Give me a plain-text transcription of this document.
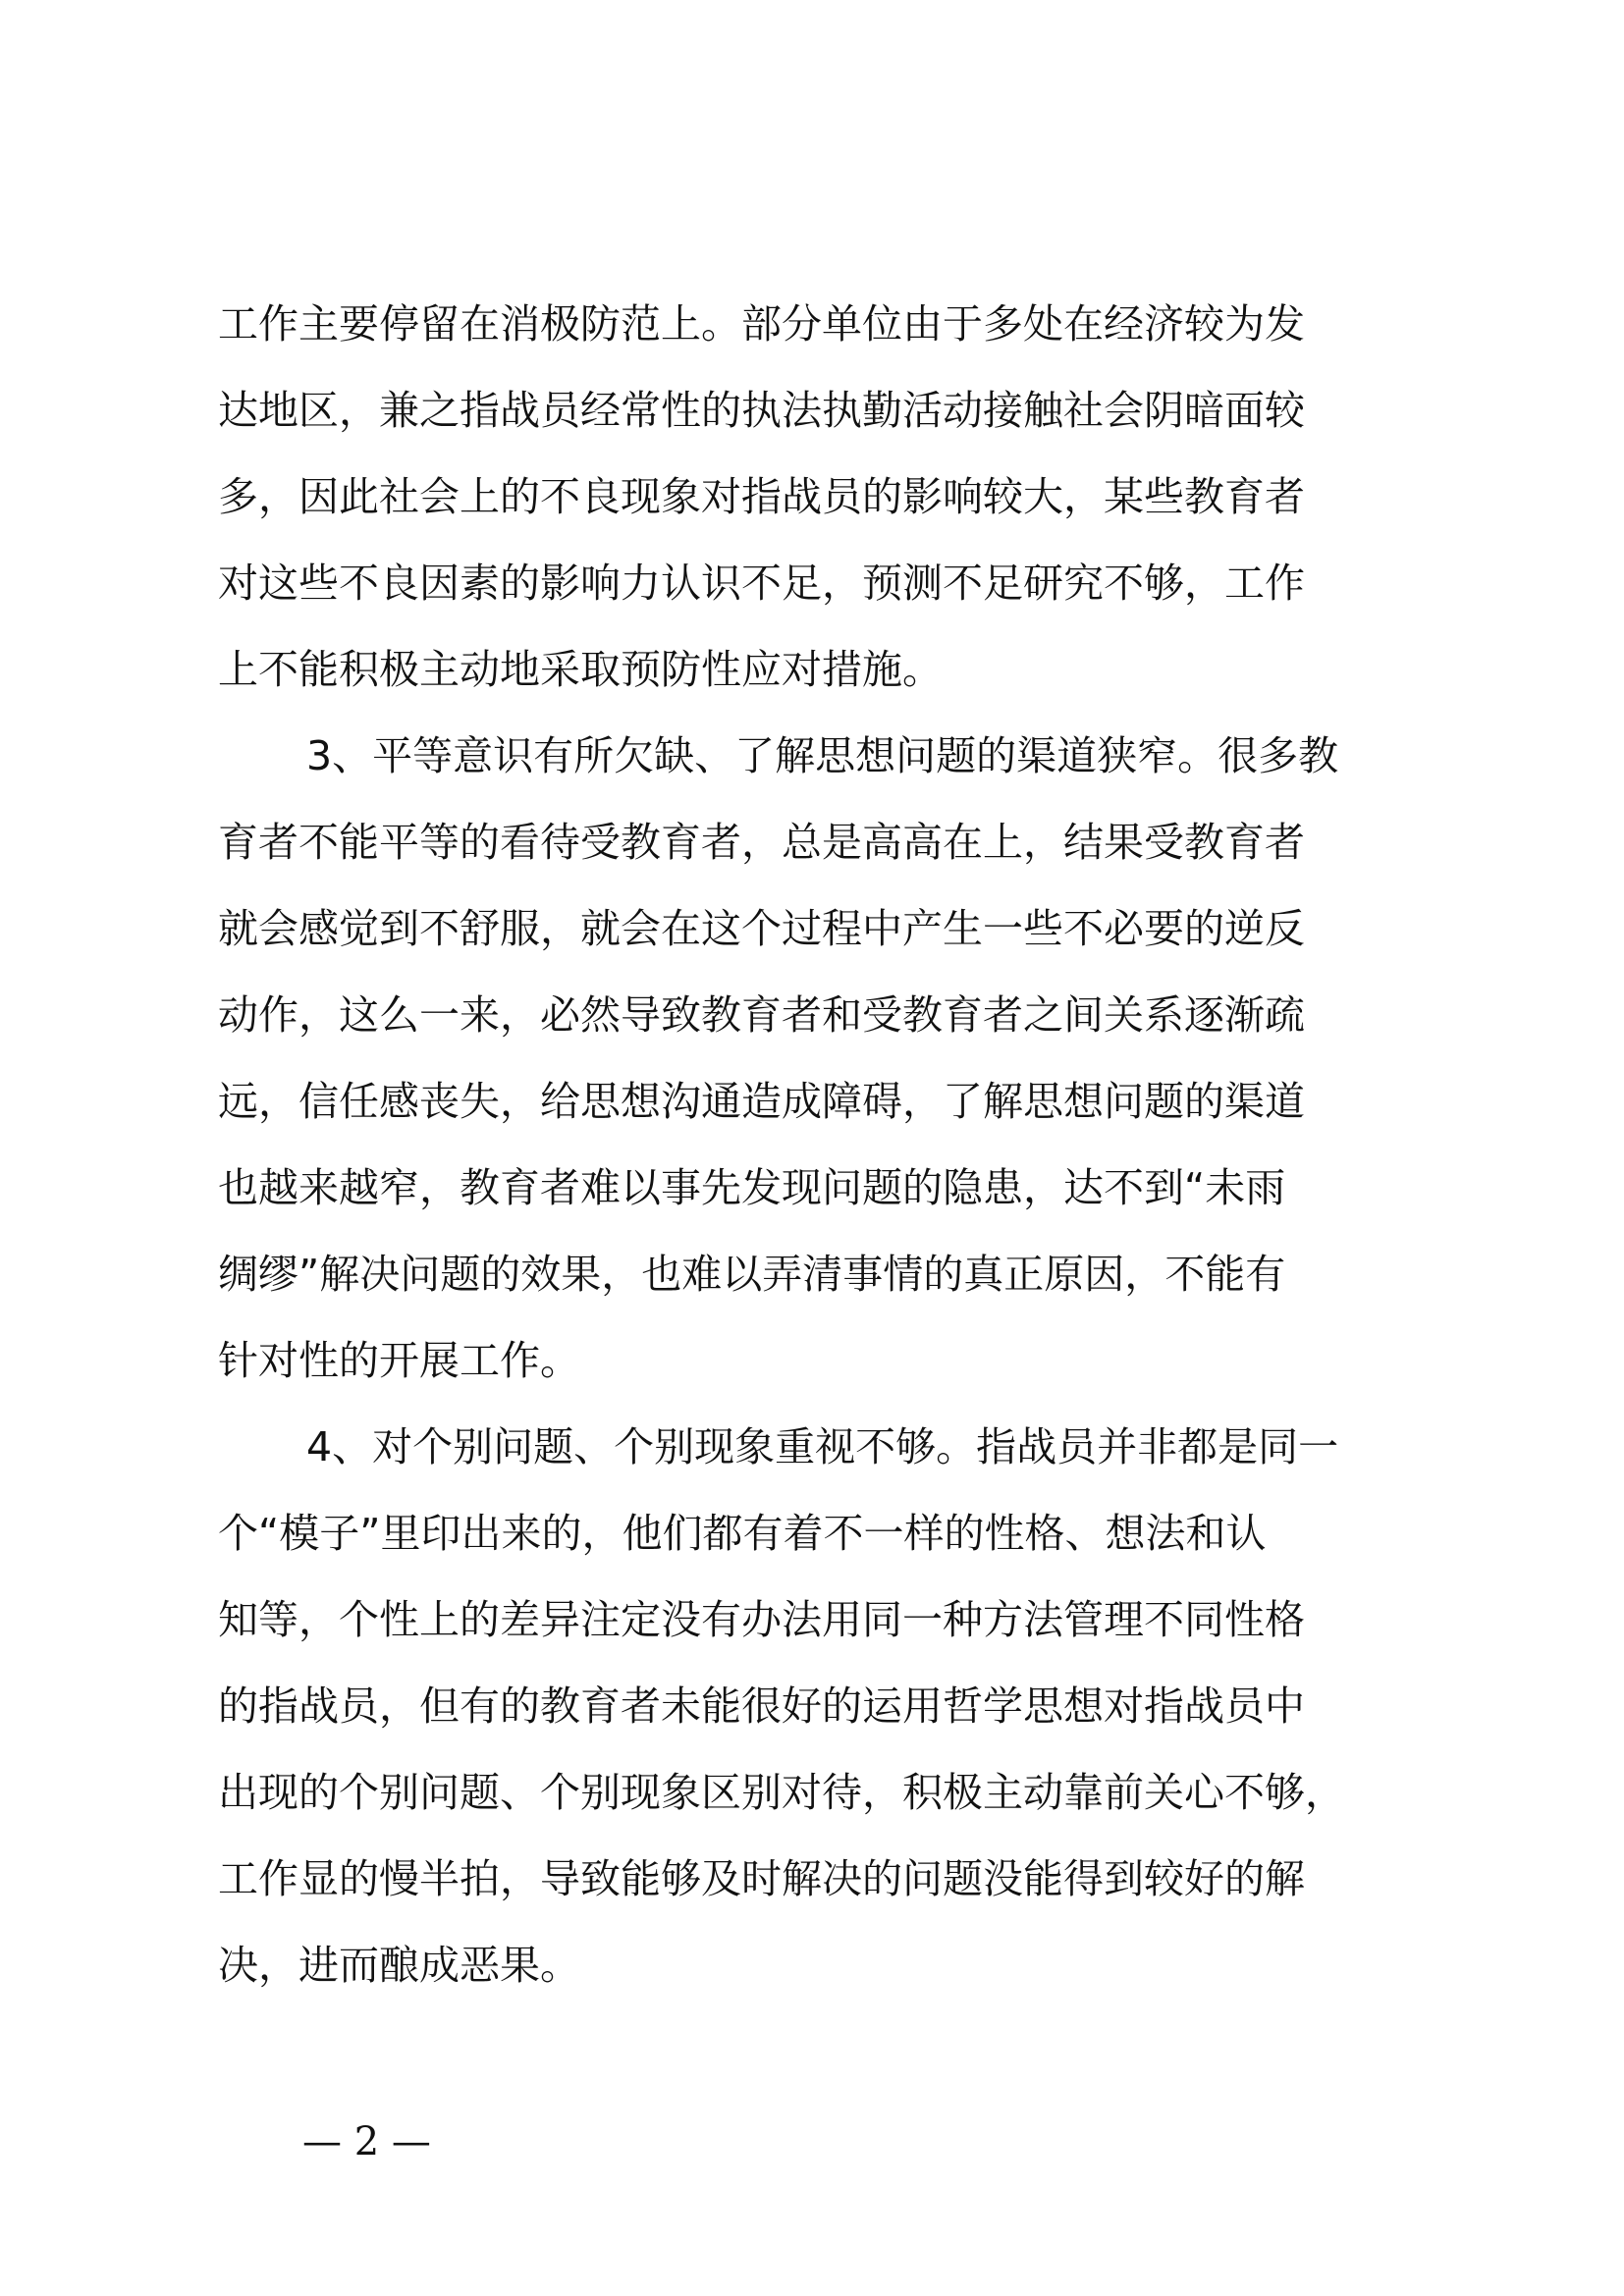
工作主要停留在消极防范上。部分单位由于多处在经济较为发
达地区，兼之指战员经常性的执法执勤活动接触社会阴暗面较
多，因此社会上的不良现象对指战员的影响较大，某些教育者
对这些不良因素的影响力认识不足，预测不足研究不够，工作
上不能积极主动地采取预防性应对措施。
3、平等意识有所欠缺、了解思想问题的渠道狭窄。很多教
育者不能平等的看待受教育者，总是高高在上，结果受教育者
就会感觉到不舒服，就会在这个过程中产生一些不必要的逆反
动作，这么一来，必然导致教育者和受教育者之间关系逐渐疏
远，信任感丧失，给思想沟通造成障碍，了解思想问题的渠道
也越来越窄，教育者难以事先发现问题的隐患，达不到“未雨
绸缪”解决问题的效果，也难以弄清事情的真正原因，不能有
针对性的开展工作。
4、对个别问题、个别现象重视不够。指战员并非都是同一
个“模子”里印出来的，他们都有着不一样的性格、想法和认
知等，个性上的差异注定没有办法用同一种方法管理不同性格
的指战员，但有的教育者未能很好的运用哲学思想对指战员中
出现的个别问题、个别现象区别对待，积极主动靠前关心不够，
工作显的慢半拍，导致能够及时解决的问题没能得到较好的解
决，进而酿成恶果。
— 2 —
